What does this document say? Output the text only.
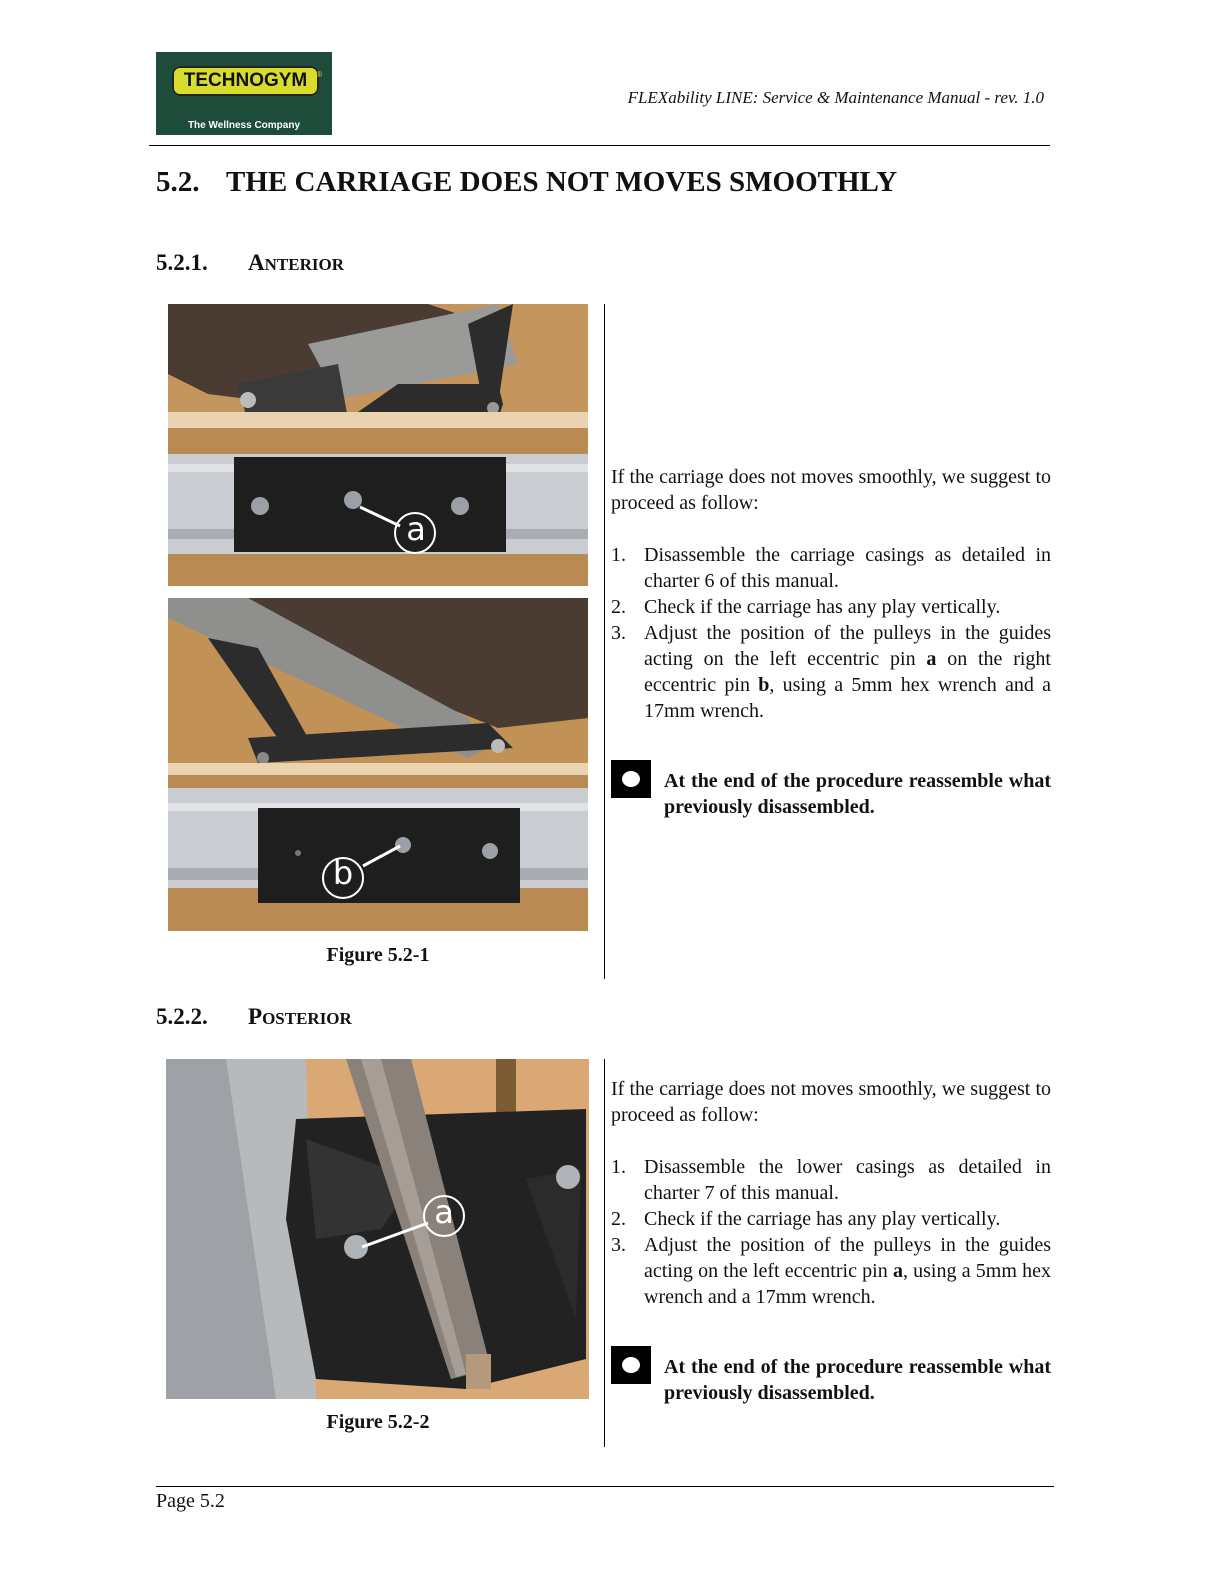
TECHNOGYM ®
The Wellness Company
FLEXability LINE: Service & Maintenance Manual - rev. 1.0
5.2. THE CARRIAGE DOES NOT MOVES SMOOTHLY
5.2.1. ANTERIOR
a
b
Figure 5.2-1

If the carriage does not moves smoothly, we suggest to proceed as follow:

1. Disassemble the carriage casings as detailed in charter 6 of this manual.
2. Check if the carriage has any play vertically.
3. Adjust the position of the pulleys in the guides acting on the left eccentric pin a on the right eccentric pin b, using a 5mm hex wrench and a 17mm wrench.
At the end of the procedure reassemble what previously disassembled.
5.2.2. POSTERIOR
a
Figure 5.2-2

If the carriage does not moves smoothly, we suggest to proceed as follow:

1. Disassemble the lower casings as detailed in charter 7 of this manual.
2. Check if the carriage has any play vertically.
3. Adjust the position of the pulleys in the guides acting on the left eccentric pin a, using a 5mm hex wrench and a 17mm wrench.
At the end of the procedure reassemble what previously disassembled.
Page 5.2
